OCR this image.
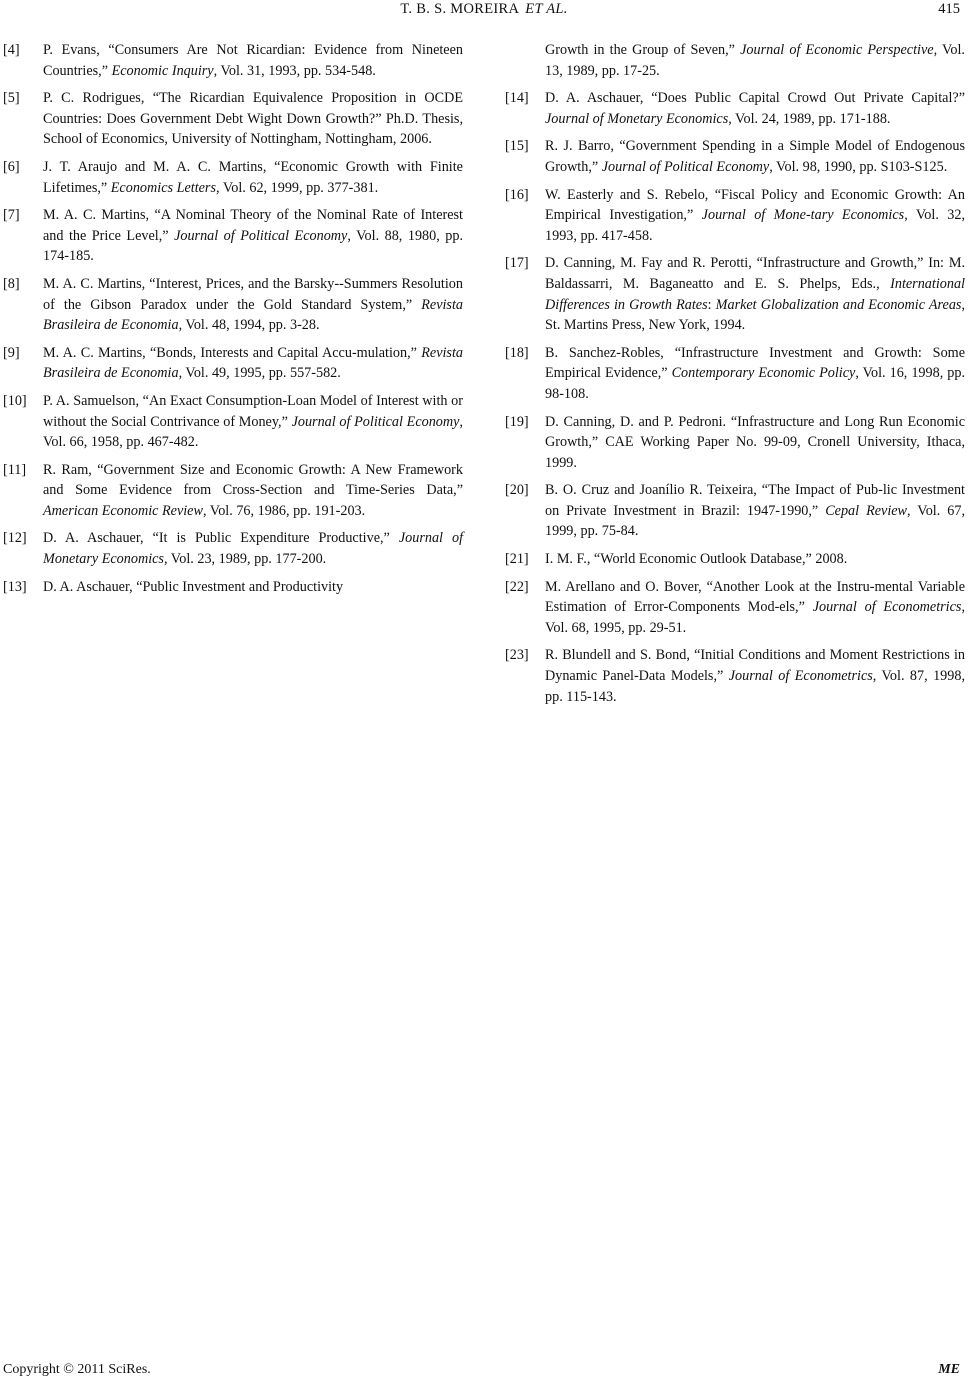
T. B. S. MOREIRA ET AL.	415
[4] P. Evans, “Consumers Are Not Ricardian: Evidence from Nineteen Countries,” Economic Inquiry, Vol. 31, 1993, pp. 534-548.
[5] P. C. Rodrigues, “The Ricardian Equivalence Proposition in OCDE Countries: Does Government Debt Wight Down Growth?” Ph.D. Thesis, School of Economics, University of Nottingham, Nottingham, 2006.
[6] J. T. Araujo and M. A. C. Martins, “Economic Growth with Finite Lifetimes,” Economics Letters, Vol. 62, 1999, pp. 377-381.
[7] M. A. C. Martins, “A Nominal Theory of the Nominal Rate of Interest and the Price Level,” Journal of Political Economy, Vol. 88, 1980, pp. 174-185.
[8] M. A. C. Martins, “Interest, Prices, and the Barsky--Summers Resolution of the Gibson Paradox under the Gold Standard System,” Revista Brasileira de Economia, Vol. 48, 1994, pp. 3-28.
[9] M. A. C. Martins, “Bonds, Interests and Capital Accu-mulation,” Revista Brasileira de Economia, Vol. 49, 1995, pp. 557-582.
[10] P. A. Samuelson, “An Exact Consumption-Loan Model of Interest with or without the Social Contrivance of Money,” Journal of Political Economy, Vol. 66, 1958, pp. 467-482.
[11] R. Ram, “Government Size and Economic Growth: A New Framework and Some Evidence from Cross-Section and Time-Series Data,” American Economic Review, Vol. 76, 1986, pp. 191-203.
[12] D. A. Aschauer, “It is Public Expenditure Productive,” Journal of Monetary Economics, Vol. 23, 1989, pp. 177-200.
[13] D. A. Aschauer, “Public Investment and Productivity
Growth in the Group of Seven,” Journal of Economic Perspective, Vol. 13, 1989, pp. 17-25.
[14] D. A. Aschauer, “Does Public Capital Crowd Out Private Capital?” Journal of Monetary Economics, Vol. 24, 1989, pp. 171-188.
[15] R. J. Barro, “Government Spending in a Simple Model of Endogenous Growth,” Journal of Political Economy, Vol. 98, 1990, pp. S103-S125.
[16] W. Easterly and S. Rebelo, “Fiscal Policy and Economic Growth: An Empirical Investigation,” Journal of Mone-tary Economics, Vol. 32, 1993, pp. 417-458.
[17] D. Canning, M. Fay and R. Perotti, “Infrastructure and Growth,” In: M. Baldassarri, M. Baganeatto and E. S. Phelps, Eds., International Differences in Growth Rates: Market Globalization and Economic Areas, St. Martins Press, New York, 1994.
[18] B. Sanchez-Robles, “Infrastructure Investment and Growth: Some Empirical Evidence,” Contemporary Economic Policy, Vol. 16, 1998, pp. 98-108.
[19] D. Canning, D. and P. Pedroni. “Infrastructure and Long Run Economic Growth,” CAE Working Paper No. 99-09, Cronell University, Ithaca, 1999.
[20] B. O. Cruz and Joanílio R. Teixeira, “The Impact of Pub-lic Investment on Private Investment in Brazil: 1947-1990,” Cepal Review, Vol. 67, 1999, pp. 75-84.
[21] I. M. F., “World Economic Outlook Database,” 2008.
[22] M. Arellano and O. Bover, “Another Look at the Instru-mental Variable Estimation of Error-Components Mod-els,” Journal of Econometrics, Vol. 68, 1995, pp. 29-51.
[23] R. Blundell and S. Bond, “Initial Conditions and Moment Restrictions in Dynamic Panel-Data Models,” Journal of Econometrics, Vol. 87, 1998, pp. 115-143.
Copyright © 2011 SciRes.	ME
